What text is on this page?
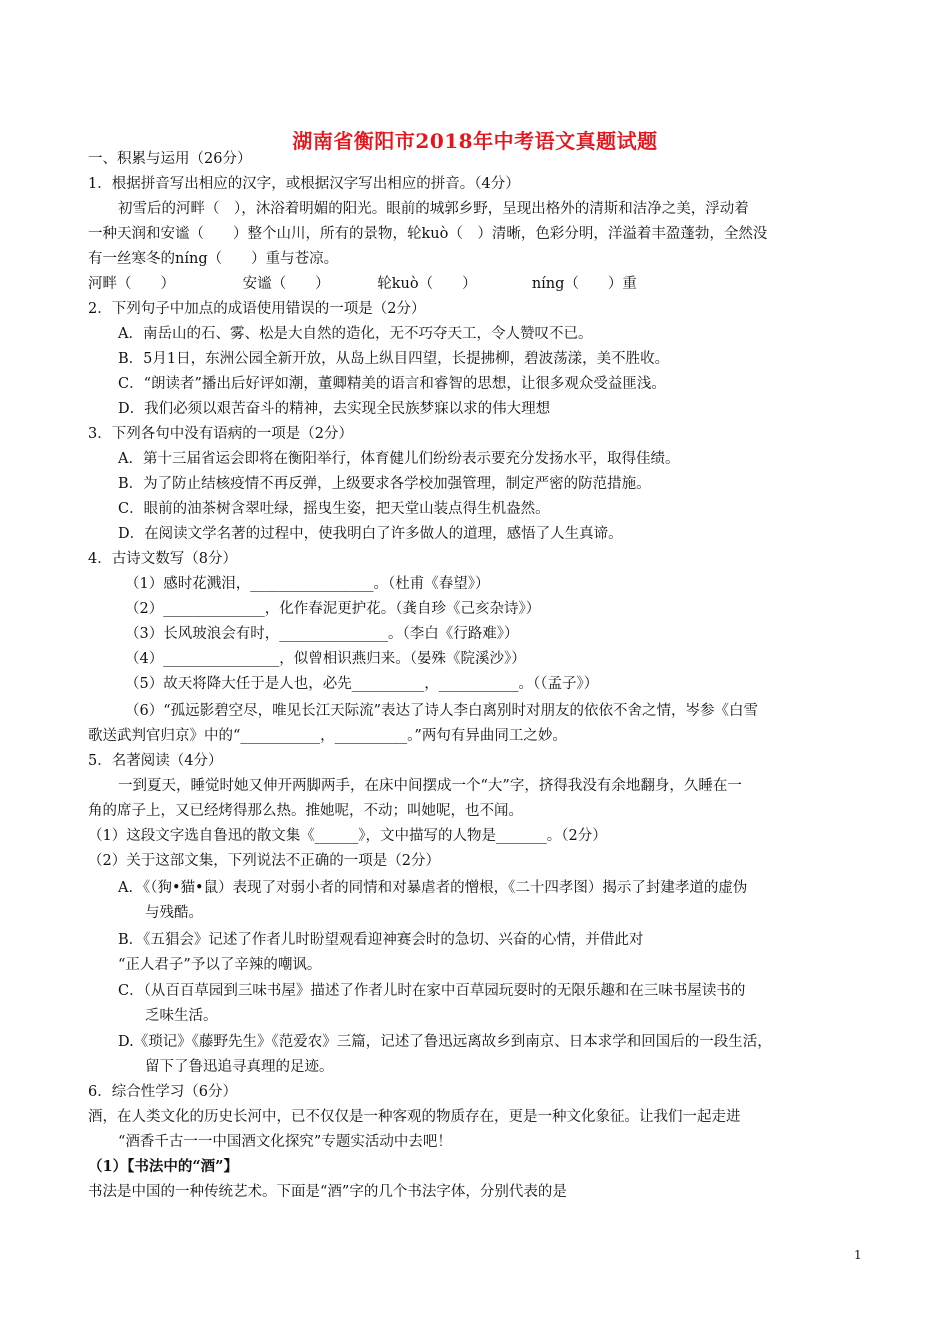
湖南省衡阳市2018年中考语文真题试题
一、积累与运用（26分）
1．根据拼音写出相应的汉字，或根据汉字写出相应的拼音。（4分）
初雪后的河畔（　），沐浴着明媚的阳光。眼前的城郭乡野，呈现出格外的清斯和洁净之美，浮动着
一种天润和安谧（　　）整个山川，所有的景物，轮kuò（　）清晰，色彩分明，洋溢着丰盈蓬勃，全然没
有一丝寒冬的níng（　　）重与苍凉。
河畔（　　）	安谧（　　）	轮kuò（　　）	níng（　　）重
2．下列句子中加点的成语使用错误的一项是（2分）
A．南岳山的石、雾、松是大自然的造化，无不巧夺天工，令人赞叹不已。
B．5月1日，东洲公园全新开放，从岛上纵目四望，长提拂柳，碧波荡漾，美不胜收。
C．“朗读者”播出后好评如潮，董卿精美的语言和睿智的思想，让很多观众受益匪浅。
D．我们必须以艰苦奋斗的精神，去实现全民族梦寐以求的伟大理想
3．下列各句中没有语病的一项是（2分）
A．第十三届省运会即将在衡阳举行，体育健儿们纷纷表示要充分发扬水平，取得佳绩。
B．为了防止结核疫情不再反弹，上级要求各学校加强管理，制定严密的防范措施。
C．眼前的油茶树含翠吐绿，摇曳生姿，把天堂山装点得生机盎然。
D．在阅读文学名著的过程中，使我明白了许多做人的道理，感悟了人生真谛。
4．古诗文数写（8分）
（1）感时花溅泪，_________________。（杜甫《春望》）
（2）______________，化作春泥更护花。（龚自珍《己亥杂诗》）
（3）长风玻浪会有时，_______________。（李白《行路难》）
（4）________________，似曾相识燕归来。（晏殊《院溪沙》）
（5）故天将降大任于是人也，必先__________，___________。（（孟子》）
（6）“孤远影碧空尽，唯见长江天际流”表达了诗人李白离别时对朋友的依依不舍之情，岑参《白雪
歌送武判官归京》中的“___________，__________。”两句有异曲同工之妙。
5．名著阅读（4分）
一到夏天，睡觉时她又伸开两脚两手，在床中间摆成一个“大”字，挤得我没有余地翻身，久睡在一
角的席子上，又已经烤得那么热。推她呢，不动；叫她呢，也不闻。
（1）这段文字选自鲁迅的散文集《______》，文中描写的人物是_______。（2分）
（2）关于这部文集，下列说法不正确的一项是（2分）
A．《（狗•猫•鼠）表现了对弱小者的同情和对暴虐者的憎根，《二十四孝图）揭示了封建孝道的虚伪
与残酷。
B．《五猖会》记述了作者儿时盼望观看迎神赛会时的急切、兴奋的心情，并借此对
“正人君子”予以了辛辣的嘲讽。
C．（从百百草园到三味书屋》描述了作者儿时在家中百草园玩耍时的无限乐趣和在三味书屋读书的
乏味生活。
D.《琐记》《藤野先生》《范爱农》三篇，记述了鲁迅远离故乡到南京、日本求学和回国后的一段生活，
留下了鲁迅追寻真理的足迹。
6．综合性学习（6分）
酒，在人类文化的历史长河中，已不仅仅是一种客观的物质存在，更是一种文化象征。让我们一起走进
“酒香千古一一中国酒文化探究”专题实活动中去吧！
（1）【书法中的“酒”】
书法是中国的一种传统艺术。下面是“酒”字的几个书法字体，分别代表的是
1
